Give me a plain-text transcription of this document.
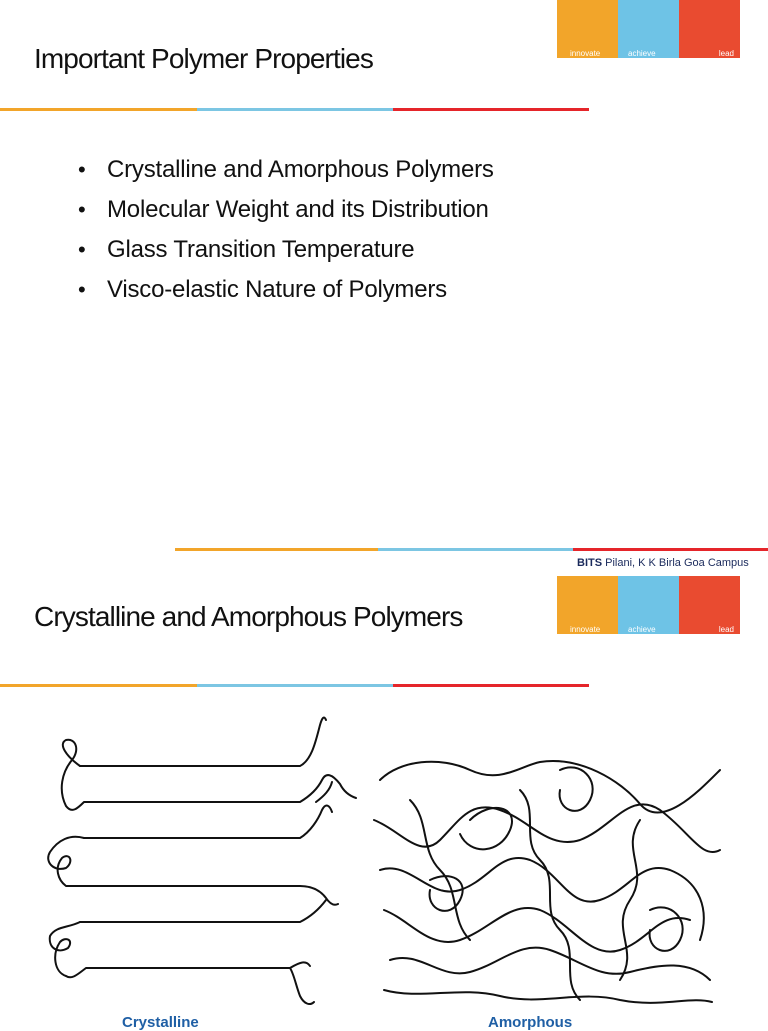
innovate	achieve	lead
Important Polymer Properties
• Crystalline and Amorphous Polymers
• Molecular Weight and its Distribution
• Glass Transition Temperature
• Visco-elastic Nature of Polymers
BITS Pilani, K K Birla Goa Campus
innovate	achieve	lead
Crystalline and Amorphous Polymers
Crystalline	Amorphous
